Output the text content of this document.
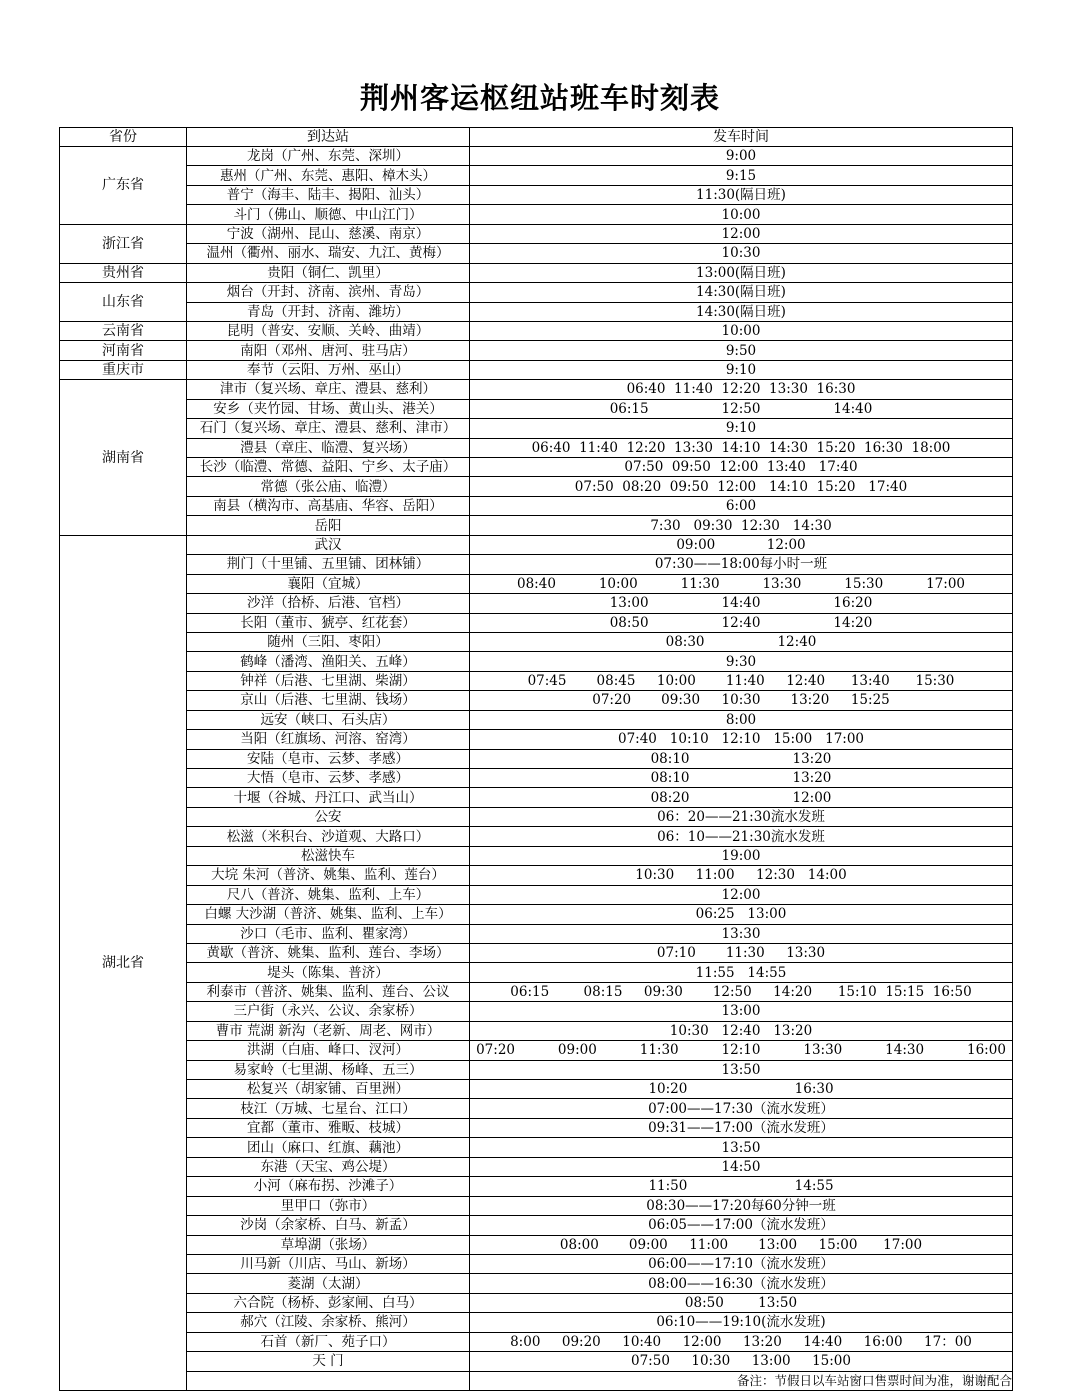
荆州客运枢纽站班车时刻表
省份	到达站	发车时间
广东省	龙岗（广州、东莞、深圳）	9:00
	惠州（广州、东莞、惠阳、樟木头）	9:15
	普宁（海丰、陆丰、揭阳、汕头）	11:30(隔日班)
	斗门（佛山、顺德、中山江门）	10:00
浙江省	宁波（湖州、昆山、慈溪、南京）	12:00
	温州（衢州、丽水、瑞安、九江、黄梅）	10:30
贵州省	贵阳（铜仁、凯里）	13:00(隔日班)
山东省	烟台（开封、济南、滨州、青岛）	14:30(隔日班)
	青岛（开封、济南、潍坊）	14:30(隔日班)
云南省	昆明（普安、安顺、关岭、曲靖）	10:00
河南省	南阳（邓州、唐河、驻马店）	9:50
重庆市	奉节（云阳、万州、巫山）	9:10
湖南省	津市（复兴场、章庄、澧县、慈利）	06:40  11:40  12:20  13:30  16:30
	安乡（夹竹园、甘场、黄山头、港关）	06:15                 12:50                 14:40
	石门（复兴场、章庄、澧县、慈利、津市）	9:10
	澧县（章庄、临澧、复兴场）	06:40  11:40  12:20  13:30  14:10  14:30  15:20  16:30  18:00
	长沙（临澧、常德、益阳、宁乡、太子庙）	07:50  09:50  12:00  13:40   17:40
	常德（张公庙、临澧）	07:50  08:20  09:50  12:00   14:10  15:20   17:40
	南县（横沟市、高基庙、华容、岳阳）	6:00
	岳阳	7:30   09:30  12:30   14:30
湖北省	武汉	09:00            12:00
	荆门（十里铺、五里铺、团林铺）	07:30——18:00每小时一班
	襄阳（宜城）	08:40          10:00          11:30          13:30          15:30          17:00
	沙洋（拾桥、后港、官档）	13:00                 14:40                 16:20
	长阳（董市、猇亭、红花套）	08:50                 12:40                 14:20
	随州（三阳、枣阳）	08:30                 12:40
	鹤峰（潘湾、渔阳关、五峰）	9:30
	钟祥（后港、七里湖、柴湖）	07:45       08:45     10:00       11:40     12:40      13:40      15:30
	京山（后港、七里湖、钱场）	07:20       09:30     10:30       13:20     15:25
	远安（峡口、石头店）	8:00
	当阳（红旗场、河溶、窑湾）	07:40   10:10   12:10   15:00   17:00
	安陆（皂市、云梦、孝感）	08:10                        13:20
	大悟（皂市、云梦、孝感）	08:10                        13:20
	十堰（谷城、丹江口、武当山）	08:20                        12:00
	公安	06：20——21:30流水发班
	松滋（米积台、沙道观、大路口）	06：10——21:30流水发班
	松滋快车	19:00
	大垸 朱河（普济、姚集、监利、莲台）	10:30     11:00     12:30   14:00
	尺八（普济、姚集、监利、上车）	12:00
	白螺 大沙湖（普济、姚集、监利、上车）	06:25   13:00
	沙口（毛市、监利、瞿家湾）	13:30
	黄歇（普济、姚集、监利、莲台、李场）	07:10       11:30     13:30
	堤头（陈集、普济）	11:55   14:55
	利泰市（普济、姚集、监利、莲台、公议	06:15        08:15     09:30       12:50     14:20      15:10  15:15  16:50
	三户街（永兴、公议、余家桥）	13:00
	曹市 荒湖 新沟（老新、周老、网市）	10:30   12:40   13:20
	洪湖（白庙、峰口、汊河）	07:20          09:00          11:30          12:10          13:30          14:30          16:00
	易家岭（七里湖、杨峰、五三）	13:50
	松复兴（胡家铺、百里洲）	10:20                         16:30
	枝江（万城、七星台、江口）	07:00——17:30（流水发班）
	宜都（董市、雅畈、枝城）	09:31——17:00（流水发班）
	团山（麻口、红旗、藕池）	13:50
	东港（天宝、鸡公堤）	14:50
	小河（麻布拐、沙滩子）	11:50                         14:55
	里甲口（弥市）	08:30——17:20每60分钟一班
	沙岗（余家桥、白马、新孟）	06:05——17:00（流水发班）
	草埠湖（张场）	08:00       09:00     11:00       13:00     15:00      17:00
	川马新（川店、马山、新场）	06:00——17:10（流水发班）
	菱湖（太湖）	08:00——16:30（流水发班）
	六合院（杨桥、彭家闸、白马）	08:50        13:50
	郝穴（江陵、余家桥、熊河）	06:10——19:10(流水发班)
	石首（新厂、苑子口）	8:00     09:20     10:40     12:00     13:20     14:40     16:00     17：00
	天 门	07:50     10:30     13:00     15:00
		备注：节假日以车站窗口售票时间为准，谢谢配合
